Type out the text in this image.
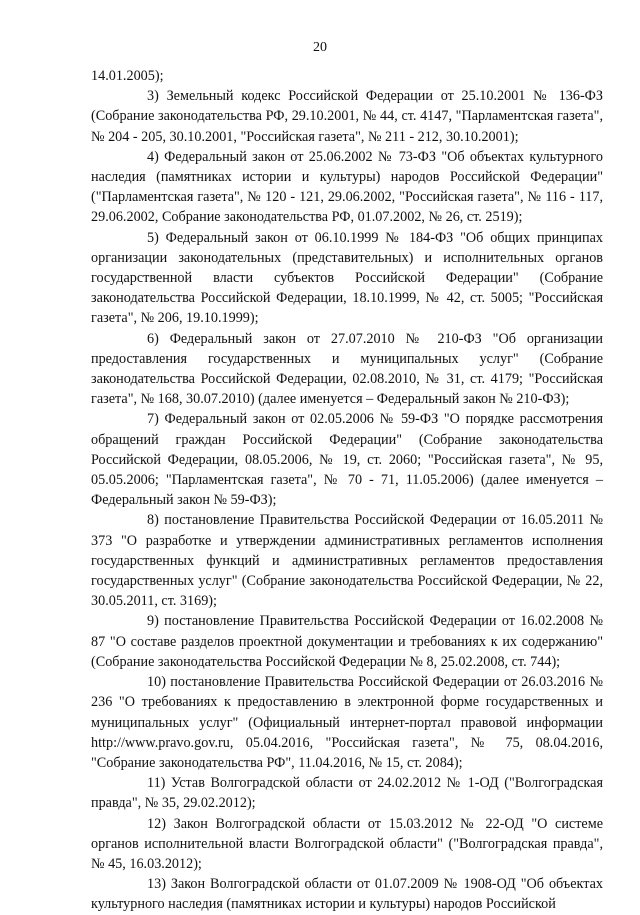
20

14.01.2005);

3) Земельный кодекс Российской Федерации от 25.10.2001 № 136-ФЗ (Собрание законодательства РФ, 29.10.2001, № 44, ст. 4147, "Парламентская газета", № 204 - 205, 30.10.2001, "Российская газета", № 211 - 212, 30.10.2001);

4) Федеральный закон от 25.06.2002 № 73-ФЗ "Об объектах культурного наследия (памятниках истории и культуры) народов Российской Федерации" ("Парламентская газета", № 120 - 121, 29.06.2002, "Российская газета", № 116 - 117, 29.06.2002, Собрание законодательства РФ, 01.07.2002, № 26, ст. 2519);

5) Федеральный закон от 06.10.1999 № 184-ФЗ "Об общих принципах организации законодательных (представительных) и исполнительных органов государственной власти субъектов Российской Федерации" (Собрание законодательства Российской Федерации, 18.10.1999, № 42, ст. 5005; "Российская газета", № 206, 19.10.1999);

6) Федеральный закон от 27.07.2010 № 210-ФЗ "Об организации предоставления государственных и муниципальных услуг" (Собрание законодательства Российской Федерации, 02.08.2010, № 31, ст. 4179; "Российская газета", № 168, 30.07.2010) (далее именуется – Федеральный закон № 210-ФЗ);

7) Федеральный закон от 02.05.2006 № 59-ФЗ "О порядке рассмотрения обращений граждан Российской Федерации" (Собрание законодательства Российской Федерации, 08.05.2006, № 19, ст. 2060; "Российская газета", № 95, 05.05.2006; "Парламентская газета", № 70 - 71, 11.05.2006) (далее именуется – Федеральный закон № 59-ФЗ);

8) постановление Правительства Российской Федерации от 16.05.2011 № 373 "О разработке и утверждении административных регламентов исполнения государственных функций и административных регламентов предоставления государственных услуг" (Собрание законодательства Российской Федерации, № 22, 30.05.2011, ст. 3169);

9) постановление Правительства Российской Федерации от 16.02.2008 № 87 "О составе разделов проектной документации и требованиях к их содержанию" (Собрание законодательства Российской Федерации № 8, 25.02.2008, ст. 744);

10) постановление Правительства Российской Федерации от 26.03.2016 № 236 "О требованиях к предоставлению в электронной форме государственных и муниципальных услуг" (Официальный интернет-портал правовой информации http://www.pravo.gov.ru, 05.04.2016, "Российская газета", № 75, 08.04.2016, "Собрание законодательства РФ", 11.04.2016, № 15, ст. 2084);

11) Устав Волгоградской области от 24.02.2012 № 1-ОД ("Волгоградская правда", № 35, 29.02.2012);

12) Закон Волгоградской области от 15.03.2012 № 22-ОД "О системе органов исполнительной власти Волгоградской области" ("Волгоградская правда", № 45, 16.03.2012);

13) Закон Волгоградской области от 01.07.2009 № 1908-ОД "Об объектах культурного наследия (памятниках истории и культуры) народов Российской
